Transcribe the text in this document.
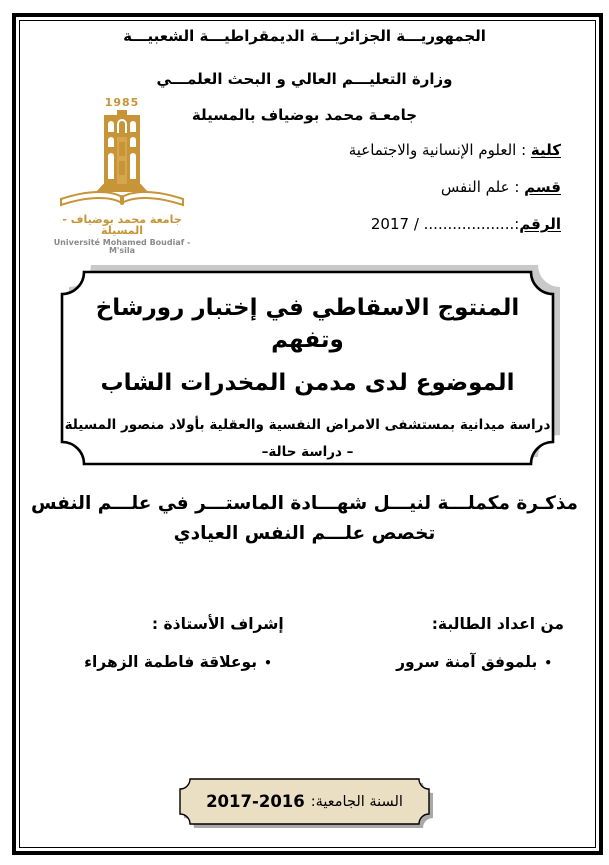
الجمهوريـــة الجزائريـــة الديمقراطيـــة الشعبيـــة
وزارة التعليـــم العالي و البحث العلمـــي
جامعـة محمد بوضياف بالمسيلة
1985
جامعة محمد بوضياف - المسيلة
Université Mohamed Boudiaf - M'sila
كلية : العلوم الإنسانية والاجتماعية
قسم : علم النفس
الرقم:................... / 2017
المنتوج الاسقاطي في إختبار رورشاخ وتفهم
الموضوع لدى مدمن المخدرات الشاب
دراسة ميدانية بمستشفى الامراض النفسية والعقلية بأولاد منصور المسيلة
– دراسة حالة–
مذكـرة مكملـــة لنيـــل شهـــادة الماستـــر في علـــم النفس
تخصص علـــم النفس العيادي
من اعداد الطالبة:
•بلموفق آمنة سرور
إشراف الأستاذة :
•بوعلاقة فاطمة الزهراء
السنة الجامعية:
2017-2016
